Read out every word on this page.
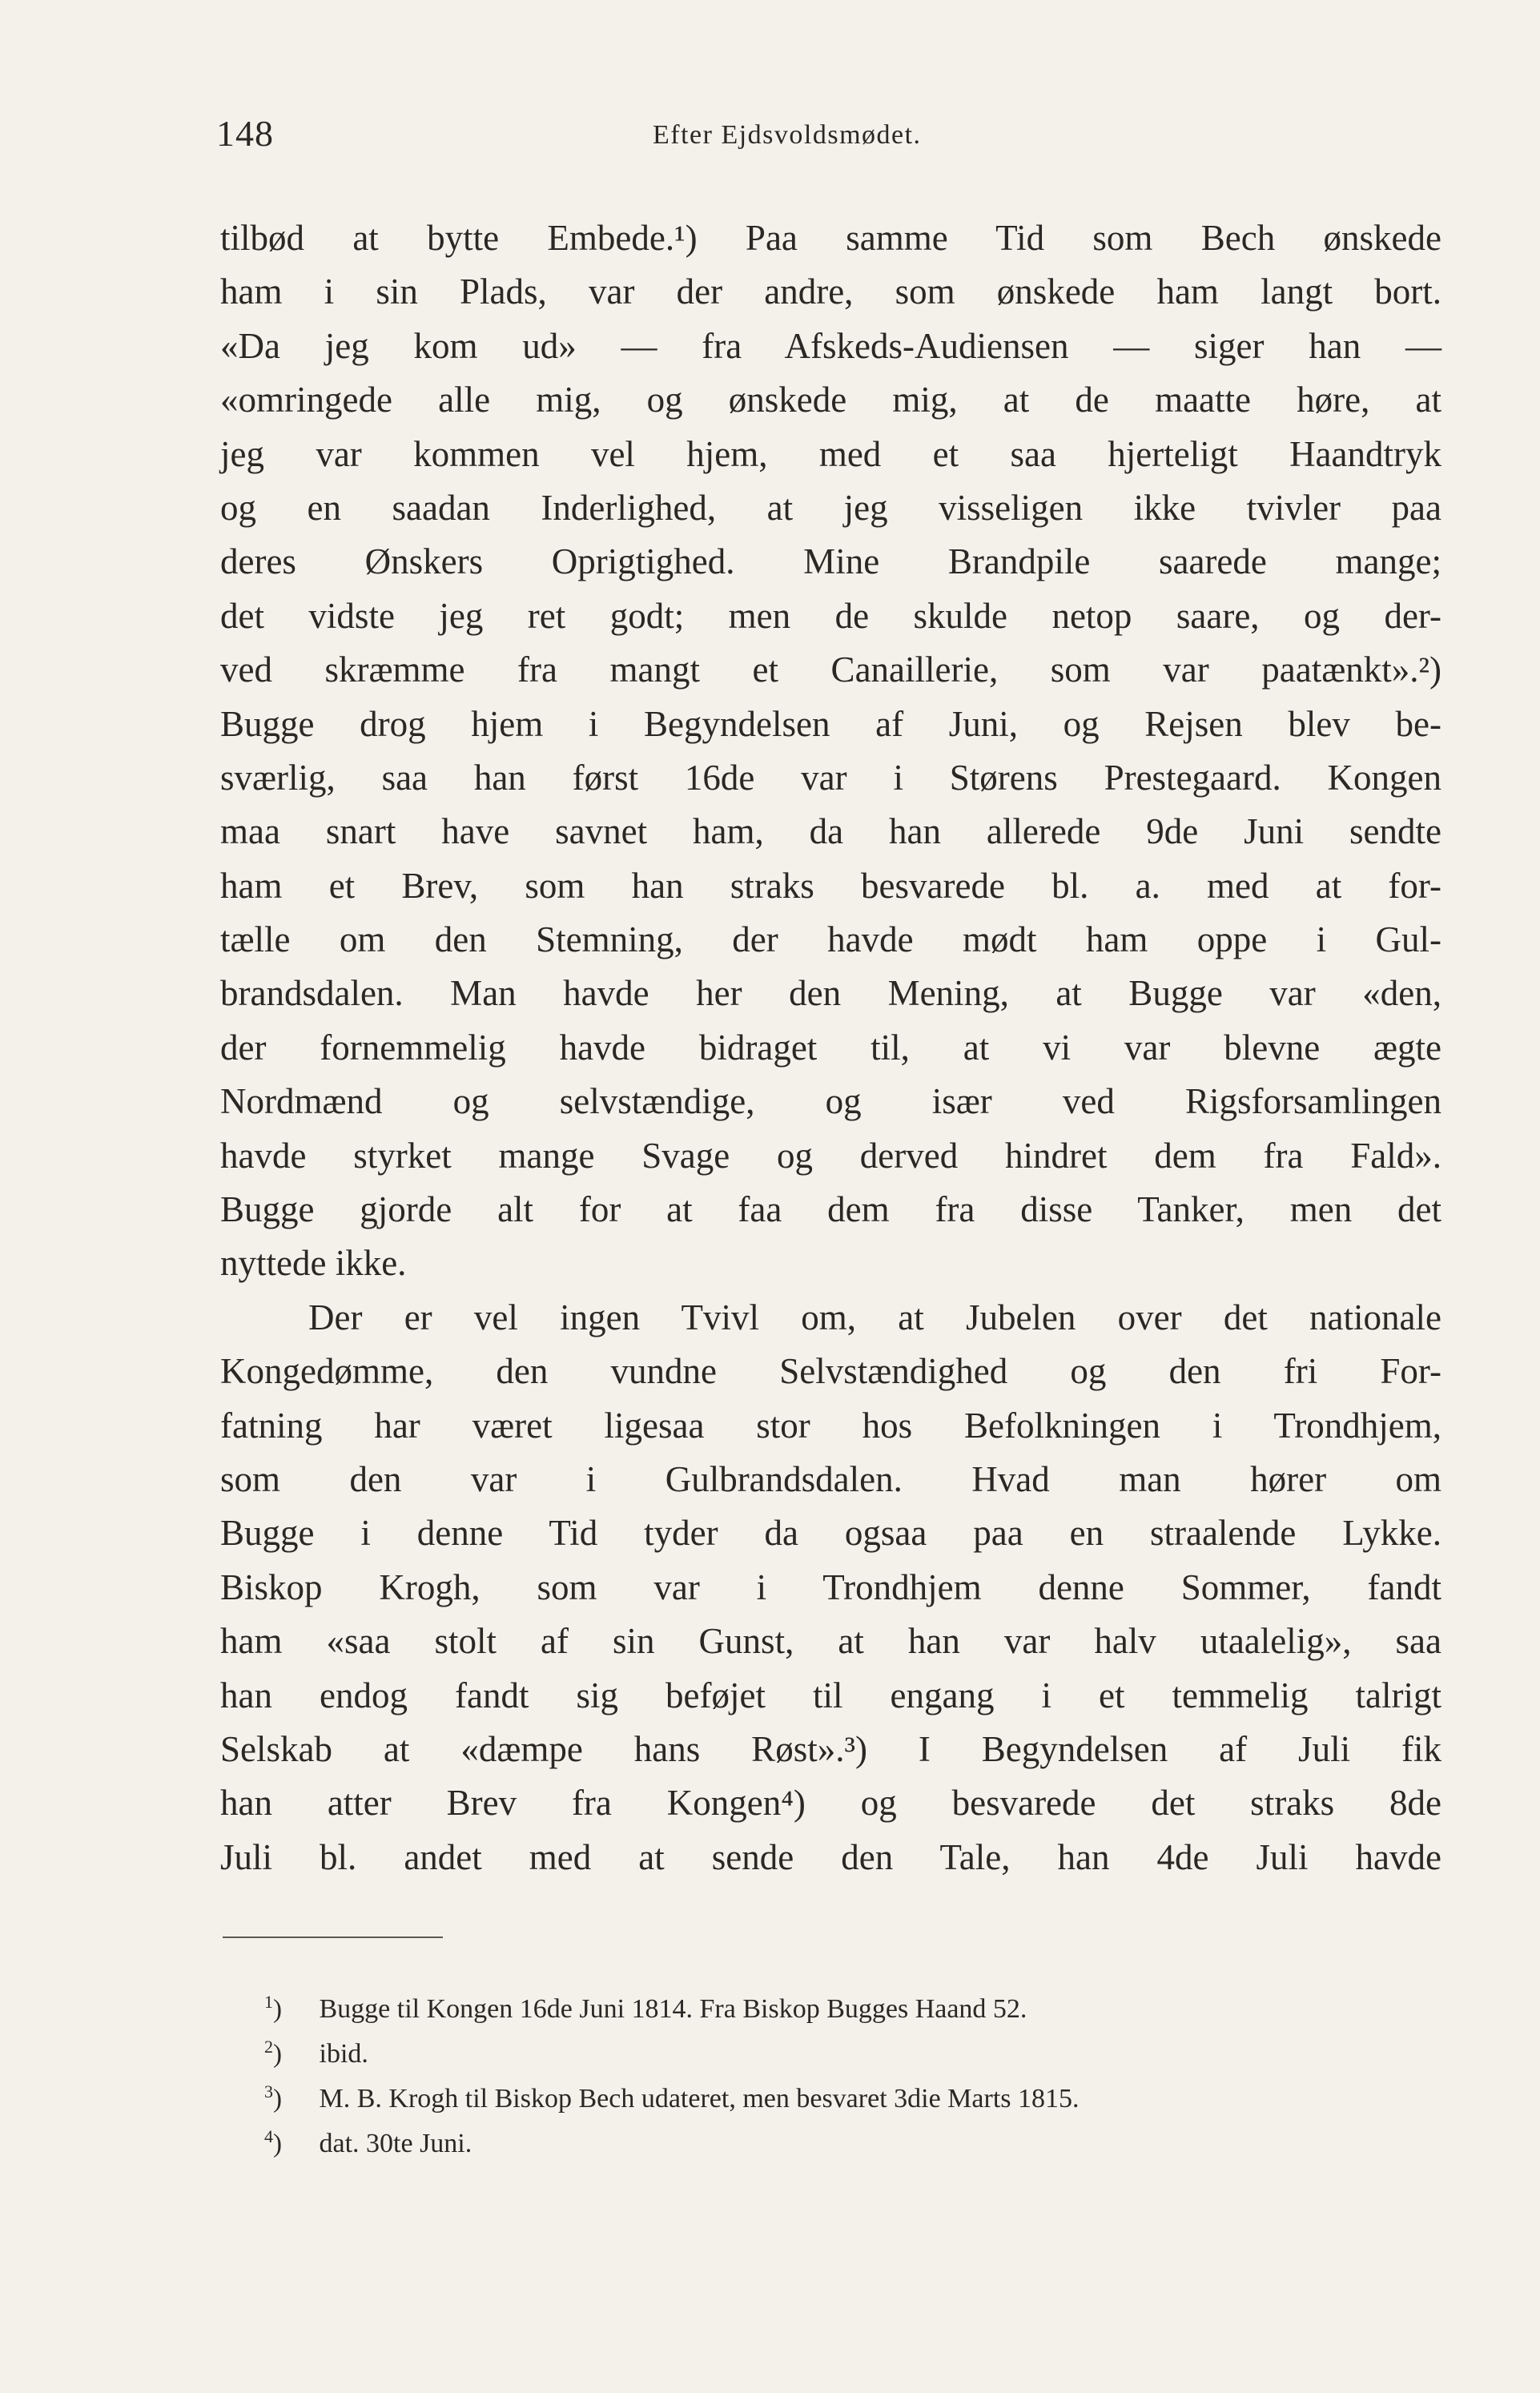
148	Efter Ejdsvoldsmødet.
tilbød at bytte Embede.¹) Paa samme Tid som Bech ønskede
ham i sin Plads, var der andre, som ønskede ham langt bort.
«Da jeg kom ud» — fra Afskeds-Audiensen — siger han —
«omringede alle mig, og ønskede mig, at de maatte høre, at
jeg var kommen vel hjem, med et saa hjerteligt Haandtryk
og en saadan Inderlighed, at jeg visseligen ikke tvivler paa
deres Ønskers Oprigtighed. Mine Brandpile saarede mange;
det vidste jeg ret godt; men de skulde netop saare, og der-
ved skræmme fra mangt et Canaillerie, som var paatænkt».²)
Bugge drog hjem i Begyndelsen af Juni, og Rejsen blev be-
sværlig, saa han først 16de var i Størens Prestegaard. Kongen
maa snart have savnet ham, da han allerede 9de Juni sendte
ham et Brev, som han straks besvarede bl. a. med at for-
tælle om den Stemning, der havde mødt ham oppe i Gul-
brandsdalen. Man havde her den Mening, at Bugge var «den,
der fornemmelig havde bidraget til, at vi var blevne ægte
Nordmænd og selvstændige, og især ved Rigsforsamlingen
havde styrket mange Svage og derved hindret dem fra Fald».
Bugge gjorde alt for at faa dem fra disse Tanker, men det
nyttede ikke.
Der er vel ingen Tvivl om, at Jubelen over det nationale
Kongedømme, den vundne Selvstændighed og den fri For-
fatning har været ligesaa stor hos Befolkningen i Trondhjem,
som den var i Gulbrandsdalen. Hvad man hører om
Bugge i denne Tid tyder da ogsaa paa en straalende Lykke.
Biskop Krogh, som var i Trondhjem denne Sommer, fandt
ham «saa stolt af sin Gunst, at han var halv utaalelig», saa
han endog fandt sig beføjet til engang i et temmelig talrigt
Selskab at «dæmpe hans Røst».³) I Begyndelsen af Juli fik
han atter Brev fra Kongen⁴) og besvarede det straks 8de
Juli bl. andet med at sende den Tale, han 4de Juli havde
$^1$) Bugge til Kongen 16de Juni 1814. Fra Biskop Bugges Haand 52.
$^2$) ibid.
$^3$) M. B. Krogh til Biskop Bech udateret, men besvaret 3die Marts 1815.
$^4$) dat. 30te Juni.
